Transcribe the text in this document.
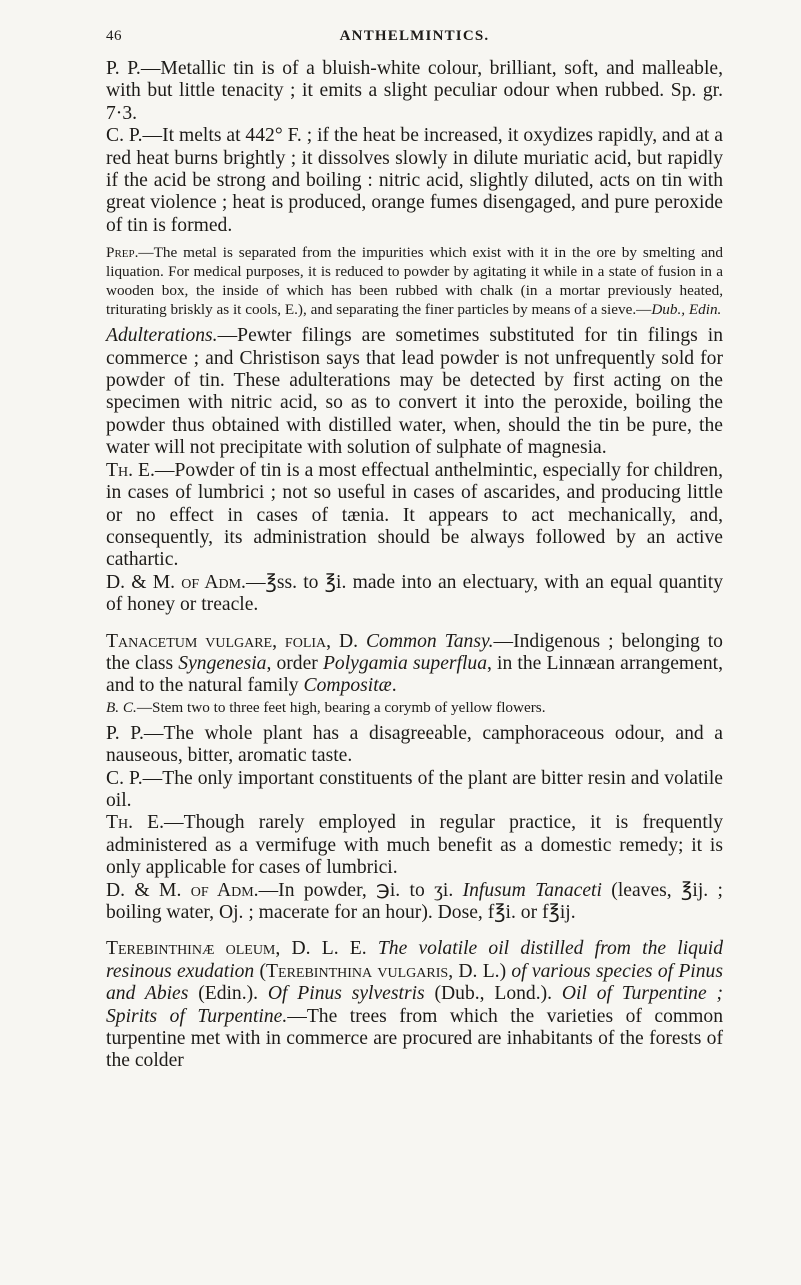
46	ANTHELMINTICS.

P. P.—Metallic tin is of a bluish-white colour, brilliant, soft, and malleable, with but little tenacity ; it emits a slight peculiar odour when rubbed. Sp. gr. 7·3.

C. P.—It melts at 442° F. ; if the heat be increased, it oxydizes rapidly, and at a red heat burns brightly ; it dissolves slowly in dilute muriatic acid, but rapidly if the acid be strong and boiling : nitric acid, slightly diluted, acts on tin with great violence ; heat is produced, orange fumes disengaged, and pure peroxide of tin is formed.

Prep.—The metal is separated from the impurities which exist with it in the ore by smelting and liquation. For medical purposes, it is reduced to powder by agitating it while in a state of fusion in a wooden box, the inside of which has been rubbed with chalk (in a mortar previously heated, triturating briskly as it cools, E.), and separating the finer particles by means of a sieve.—Dub., Edin.

Adulterations.—Pewter filings are sometimes substituted for tin filings in commerce ; and Christison says that lead powder is not unfrequently sold for powder of tin. These adulterations may be detected by first acting on the specimen with nitric acid, so as to convert it into the peroxide, boiling the powder thus obtained with distilled water, when, should the tin be pure, the water will not precipitate with solution of sulphate of magnesia.

Th. E.—Powder of tin is a most effectual anthelmintic, especially for children, in cases of lumbrici ; not so useful in cases of ascarides, and producing little or no effect in cases of tænia. It appears to act mechanically, and, consequently, its administration should be always followed by an active cathartic.

D. & M. of Adm.—℥ss. to ℥i. made into an electuary, with an equal quantity of honey or treacle.

Tanacetum vulgare, folia, D. Common Tansy.—Indigenous ; belonging to the class Syngenesia, order Polygamia superflua, in the Linnæan arrangement, and to the natural family Compositæ.

B. C.—Stem two to three feet high, bearing a corymb of yellow flowers.

P. P.—The whole plant has a disagreeable, camphoraceous odour, and a nauseous, bitter, aromatic taste.

C. P.—The only important constituents of the plant are bitter resin and volatile oil.

Th. E.—Though rarely employed in regular practice, it is frequently administered as a vermifuge with much benefit as a domestic remedy; it is only applicable for cases of lumbrici.

D. & M. of Adm.—In powder, ℈i. to ʒi. Infusum Tanaceti (leaves, ℥ij. ; boiling water, Oj. ; macerate for an hour). Dose, f℥i. or f℥ij.

Terebinthinæ oleum, D. L. E. The volatile oil distilled from the liquid resinous exudation (Terebinthina vulgaris, D. L.) of various species of Pinus and Abies (Edin.). Of Pinus sylvestris (Dub., Lond.). Oil of Turpentine ; Spirits of Turpentine.—The trees from which the varieties of common turpentine met with in commerce are procured are inhabitants of the forests of the colder
